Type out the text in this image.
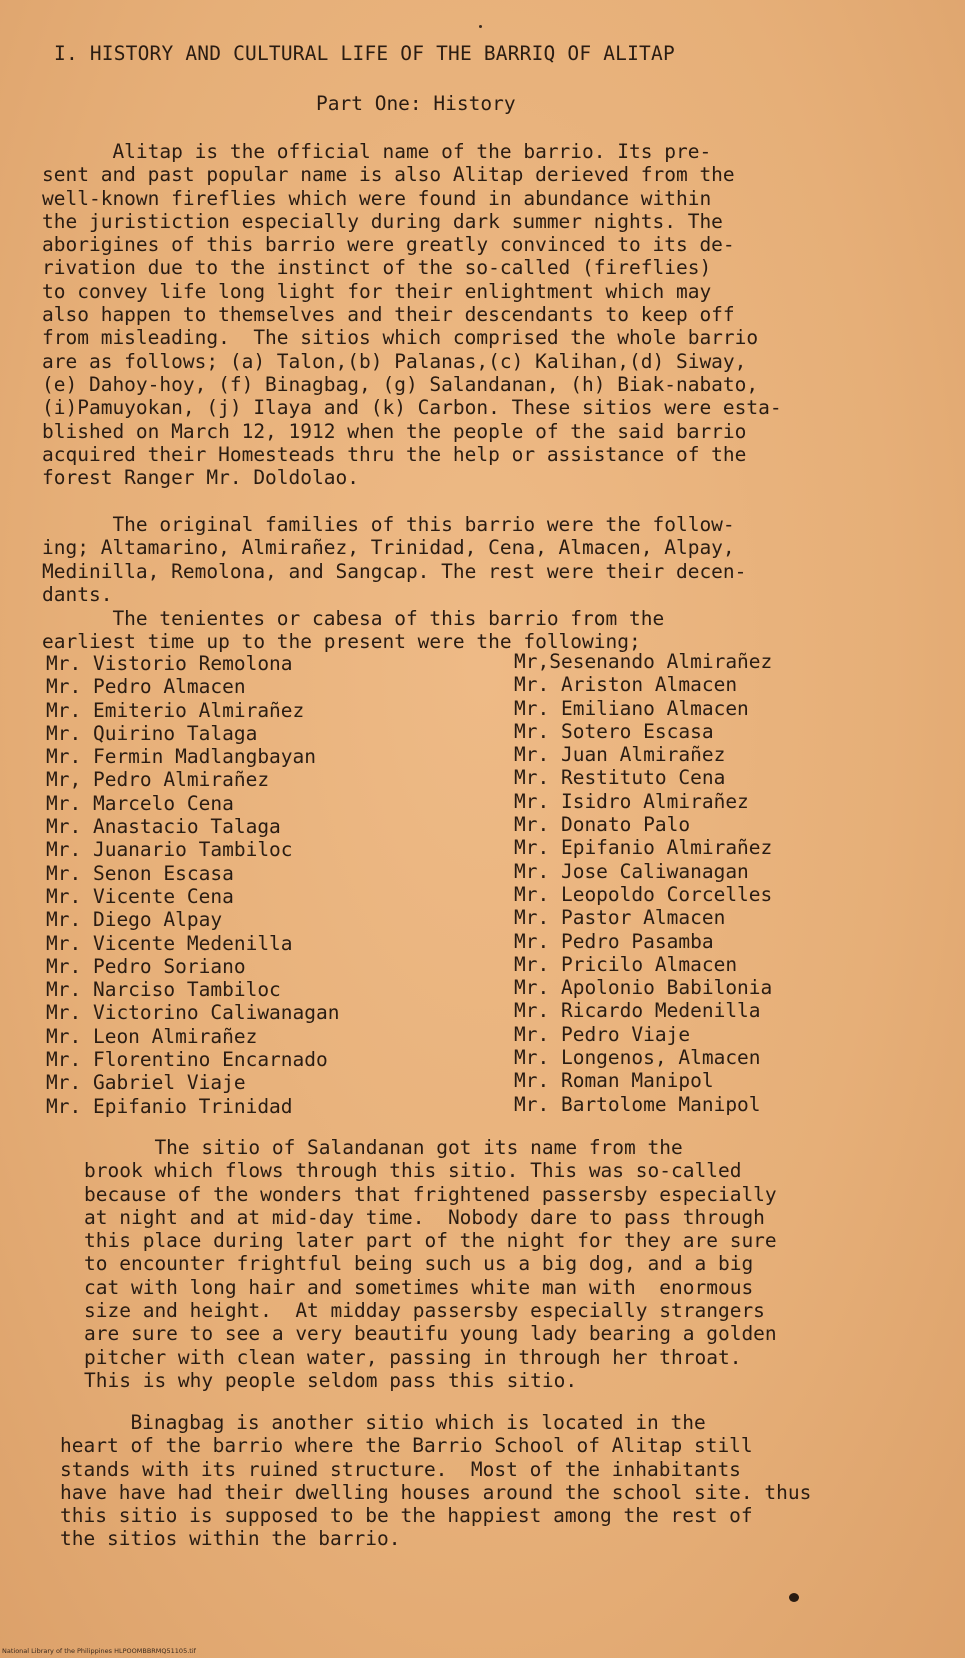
I. HISTORY AND CULTURAL LIFE OF THE BARRIQ OF ALITAP
Part One: History
Alitap is the official name of the barrio. Its pre-
sent and past popular name is also Alitap derieved from the
well-known fireflies which were found in abundance within
the juristiction especially during dark summer nights. The
aborigines of this barrio were greatly convinced to its de-
rivation due to the instinct of the so-called (fireflies)
to convey life long light for their enlightment which may
also happen to themselves and their descendants to keep off
from misleading.  The sitios which comprised the whole barrio
are as follows; (a) Talon,(b) Palanas,(c) Kalihan,(d) Siway,
(e) Dahoy-hoy, (f) Binagbag, (g) Salandanan, (h) Biak-nabato,
(i)Pamuyokan, (j) Ilaya and (k) Carbon. These sitios were esta-
blished on March 12, 1912 when the people of the said barrio
acquired their Homesteads thru the help or assistance of the
forest Ranger Mr. Doldolao.
The original families of this barrio were the follow-
ing; Altamarino, Almirañez, Trinidad, Cena, Almacen, Alpay,
Medinilla, Remolona, and Sangcap. The rest were their decen-
dants.
The tenientes or cabesa of this barrio from the
earliest time up to the present were the following;
Mr. Vistorio Remolona
Mr. Pedro Almacen
Mr. Emiterio Almirañez
Mr. Quirino Talaga
Mr. Fermin Madlangbayan
Mr, Pedro Almirañez
Mr. Marcelo Cena
Mr. Anastacio Talaga
Mr. Juanario Tambiloc
Mr. Senon Escasa
Mr. Vicente Cena
Mr. Diego Alpay
Mr. Vicente Medenilla
Mr. Pedro Soriano
Mr. Narciso Tambiloc
Mr. Victorino Caliwanagan
Mr. Leon Almirañez
Mr. Florentino Encarnado
Mr. Gabriel Viaje
Mr. Epifanio Trinidad
Mr,Sesenando Almirañez
Mr. Ariston Almacen
Mr. Emiliano Almacen
Mr. Sotero Escasa
Mr. Juan Almirañez
Mr. Restituto Cena
Mr. Isidro Almirañez
Mr. Donato Palo
Mr. Epifanio Almirañez
Mr. Jose Caliwanagan
Mr. Leopoldo Corcelles
Mr. Pastor Almacen
Mr. Pedro Pasamba
Mr. Pricilo Almacen
Mr. Apolonio Babilonia
Mr. Ricardo Medenilla
Mr. Pedro Viaje
Mr. Longenos, Almacen
Mr. Roman Manipol
Mr. Bartolome Manipol
The sitio of Salandanan got its name from the
brook which flows through this sitio. This was so-called
because of the wonders that frightened passersby especially
at night and at mid-day time.  Nobody dare to pass through
this place during later part of the night for they are sure
to encounter frightful being such us a big dog, and a big
cat with long hair and sometimes white man with  enormous
size and height.  At midday passersby especially strangers
are sure to see a very beautifu young lady bearing a golden
pitcher with clean water, passing in through her throat.
This is why people seldom pass this sitio.
Binagbag is another sitio which is located in the
heart of the barrio where the Barrio School of Alitap still
stands with its ruined structure.  Most of the inhabitants
have have had their dwelling houses around the school site. thus
this sitio is supposed to be the happiest among the rest of
the sitios within the barrio.
National Library of the Philippines HLPOOMBBRMQ51105.tif
